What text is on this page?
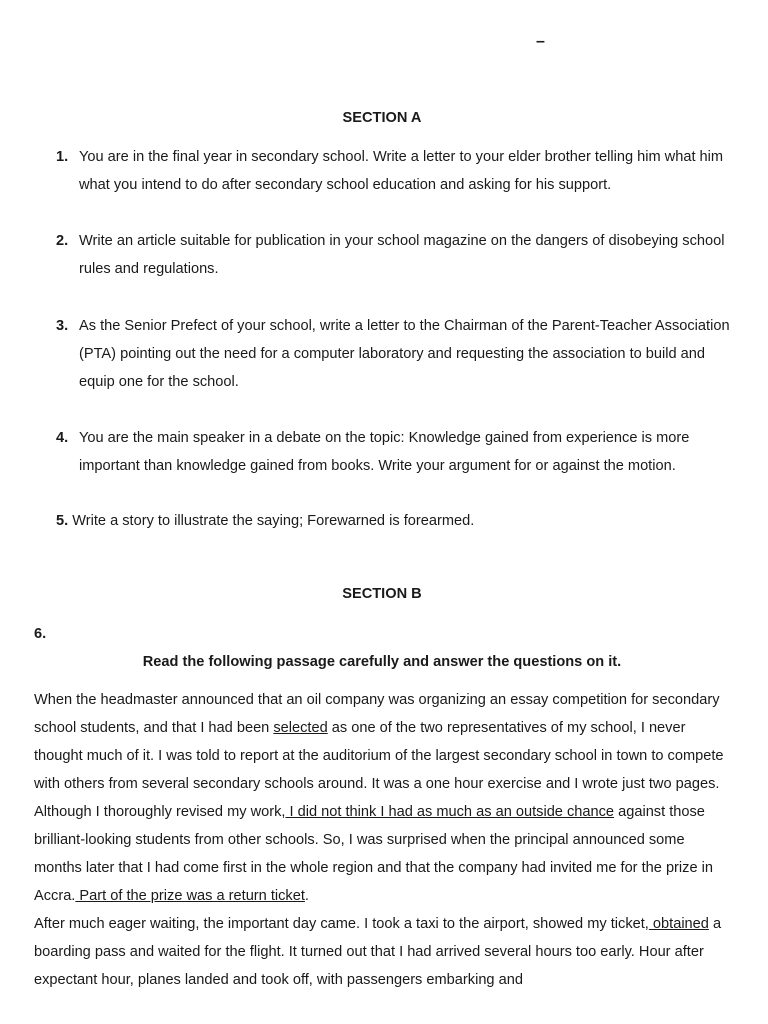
–
SECTION A
1. You are in the final year in secondary school. Write a letter to your elder brother telling him what him what you intend to do after secondary school education and asking for his support.
2. Write an article suitable for publication in your school magazine on the dangers of disobeying school rules and regulations.
3. As the Senior Prefect of your school, write a letter to the Chairman of the Parent-Teacher Association (PTA) pointing out the need for a computer laboratory and requesting the association to build and equip one for the school.
4. You are the main speaker in a debate on the topic: Knowledge gained from experience is more important than knowledge gained from books. Write your argument for or against the motion.
5. Write a story to illustrate the saying; Forewarned is forearmed.
SECTION B
6.
Read the following passage carefully and answer the questions on it.

When the headmaster announced that an oil company was organizing an essay competition for secondary school students, and that I had been selected as one of the two representatives of my school, I never thought much of it. I was told to report at the auditorium of the largest secondary school in town to compete with others from several secondary schools around. It was a one hour exercise and I wrote just two pages. Although I thoroughly revised my work, I did not think I had as much as an outside chance against those brilliant-looking students from other schools. So, I was surprised when the principal announced some months later that I had come first in the whole region and that the company had invited me for the prize in Accra. Part of the prize was a return ticket.

After much eager waiting, the important day came. I took a taxi to the airport, showed my ticket, obtained a boarding pass and waited for the flight. It turned out that I had arrived several hours too early. Hour after expectant hour, planes landed and took off, with passengers embarking and
